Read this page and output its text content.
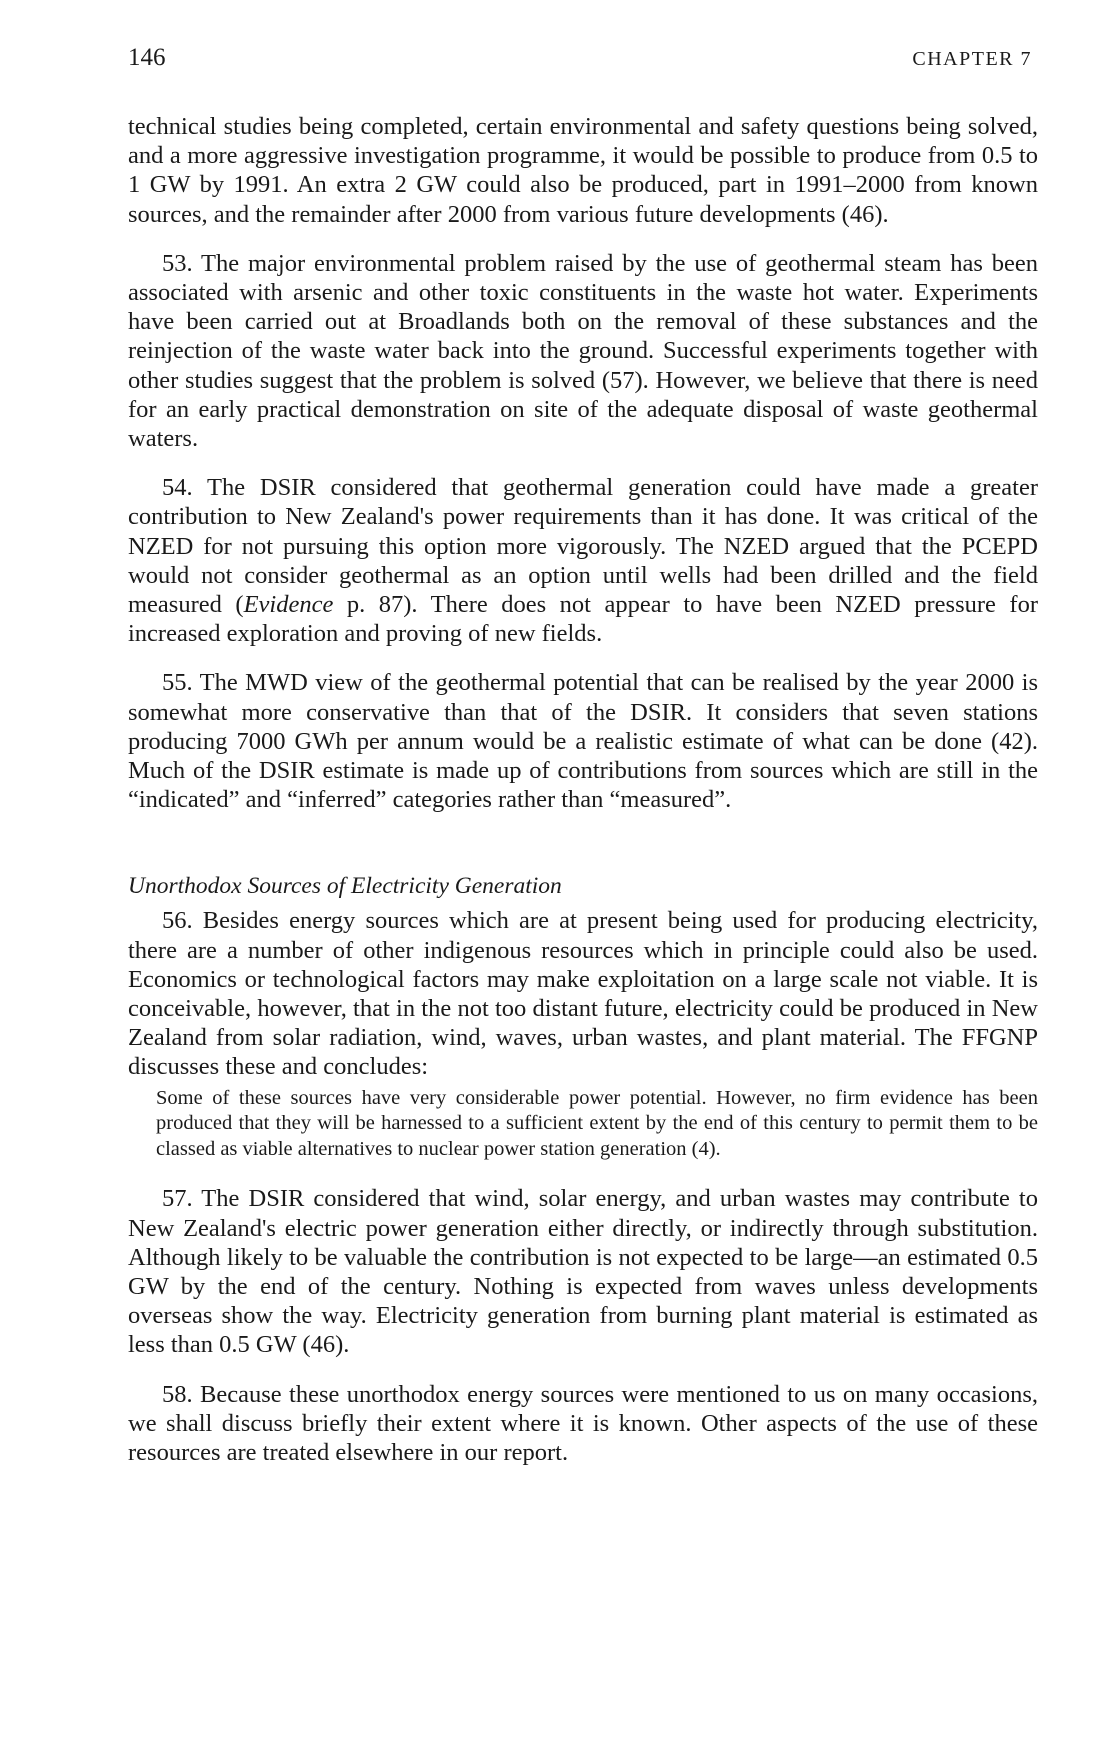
146	CHAPTER 7

technical studies being completed, certain environmental and safety questions being solved, and a more aggressive investigation programme, it would be possible to produce from 0.5 to 1 GW by 1991. An extra 2 GW could also be produced, part in 1991–2000 from known sources, and the remainder after 2000 from various future developments (46).

53. The major environmental problem raised by the use of geothermal steam has been associated with arsenic and other toxic constituents in the waste hot water. Experiments have been carried out at Broadlands both on the removal of these substances and the reinjection of the waste water back into the ground. Successful experiments together with other studies suggest that the problem is solved (57). However, we believe that there is need for an early practical demonstration on site of the adequate disposal of waste geothermal waters.

54. The DSIR considered that geothermal generation could have made a greater contribution to New Zealand's power requirements than it has done. It was critical of the NZED for not pursuing this option more vigorously. The NZED argued that the PCEPD would not consider geothermal as an option until wells had been drilled and the field measured (Evidence p. 87). There does not appear to have been NZED pressure for increased exploration and proving of new fields.

55. The MWD view of the geothermal potential that can be realised by the year 2000 is somewhat more conservative than that of the DSIR. It considers that seven stations producing 7000 GWh per annum would be a realistic estimate of what can be done (42). Much of the DSIR estimate is made up of contributions from sources which are still in the “indicated” and “inferred” categories rather than “measured”.

Unorthodox Sources of Electricity Generation

56. Besides energy sources which are at present being used for producing electricity, there are a number of other indigenous resources which in principle could also be used. Economics or technological factors may make exploitation on a large scale not viable. It is conceivable, however, that in the not too distant future, electricity could be produced in New Zealand from solar radiation, wind, waves, urban wastes, and plant material. The FFGNP discusses these and concludes:

Some of these sources have very considerable power potential. However, no firm evidence has been produced that they will be harnessed to a sufficient extent by the end of this century to permit them to be classed as viable alternatives to nuclear power station generation (4).

57. The DSIR considered that wind, solar energy, and urban wastes may contribute to New Zealand's electric power generation either directly, or indirectly through substitution. Although likely to be valuable the contribution is not expected to be large—an estimated 0.5 GW by the end of the century. Nothing is expected from waves unless developments overseas show the way. Electricity generation from burning plant material is estimated as less than 0.5 GW (46).

58. Because these unorthodox energy sources were mentioned to us on many occasions, we shall discuss briefly their extent where it is known. Other aspects of the use of these resources are treated elsewhere in our report.
